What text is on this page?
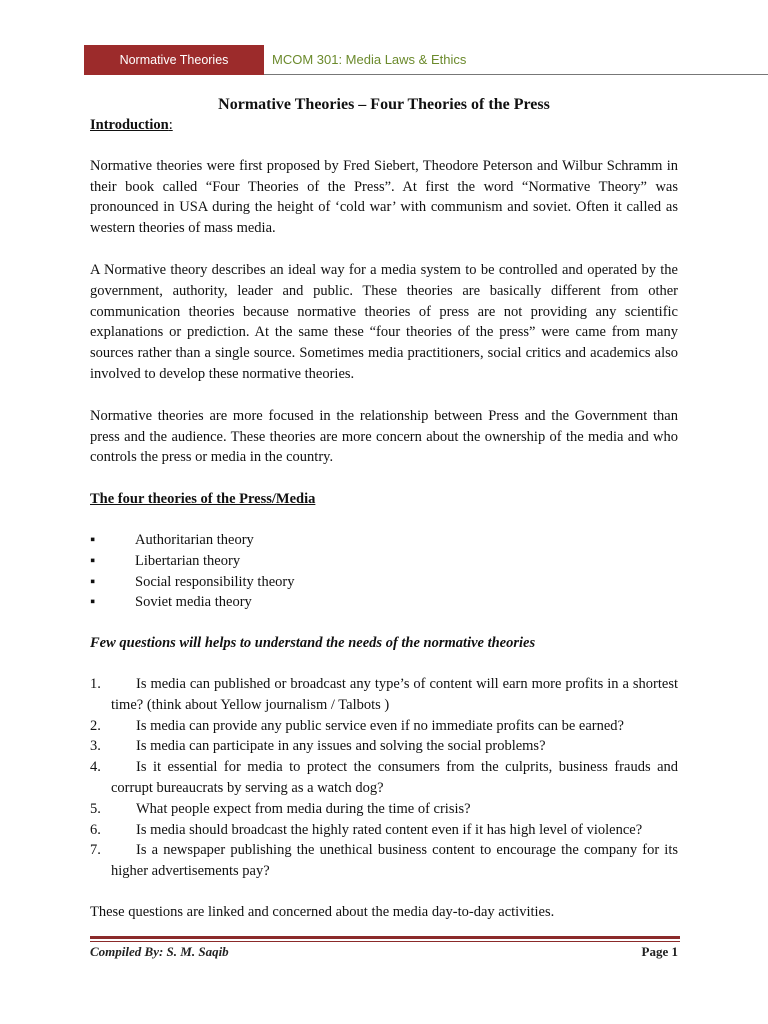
Normative Theories	MCOM 301: Media Laws & Ethics

Normative Theories – Four Theories of the Press

Introduction:

Normative theories were first proposed by Fred Siebert, Theodore Peterson and Wilbur Schramm in their book called “Four Theories of the Press”. At first the word “Normative Theory” was pronounced in USA during the height of ‘cold war’ with communism and soviet. Often it called as western theories of mass media.

A Normative theory describes an ideal way for a media system to be controlled and operated by the government, authority, leader and public. These theories are basically different from other communication theories because normative theories of press are not providing any scientific explanations or prediction. At the same these “four theories of the press” were came from many sources rather than a single source. Sometimes media practitioners, social critics and academics also involved to develop these normative theories.

Normative theories are more focused in the relationship between Press and the Government than press and the audience. These theories are more concern about the ownership of the media and who controls the press or media in the country.

The four theories of the Press/Media

▪	Authoritarian theory
▪	Libertarian theory
▪	Social responsibility theory
▪	Soviet media theory

Few questions will helps to understand the needs of the normative theories

1.	Is media can published or broadcast any type’s of content will earn more profits in a shortest time? (think about Yellow journalism / Talbots )
2.	Is media can provide any public service even if no immediate profits can be earned?
3.	Is media can participate in any issues and solving the social problems?
4.	Is it essential for media to protect the consumers from the culprits, business frauds and corrupt bureaucrats by serving as a watch dog?
5.	What people expect from media during the time of crisis?
6.	Is media should broadcast the highly rated content even if it has high level of violence?
7.	Is a newspaper publishing the unethical business content to encourage the company for its higher advertisements pay?

These questions are linked and concerned about the media day-to-day activities.

Compiled By: S. M. Saqib	Page 1
